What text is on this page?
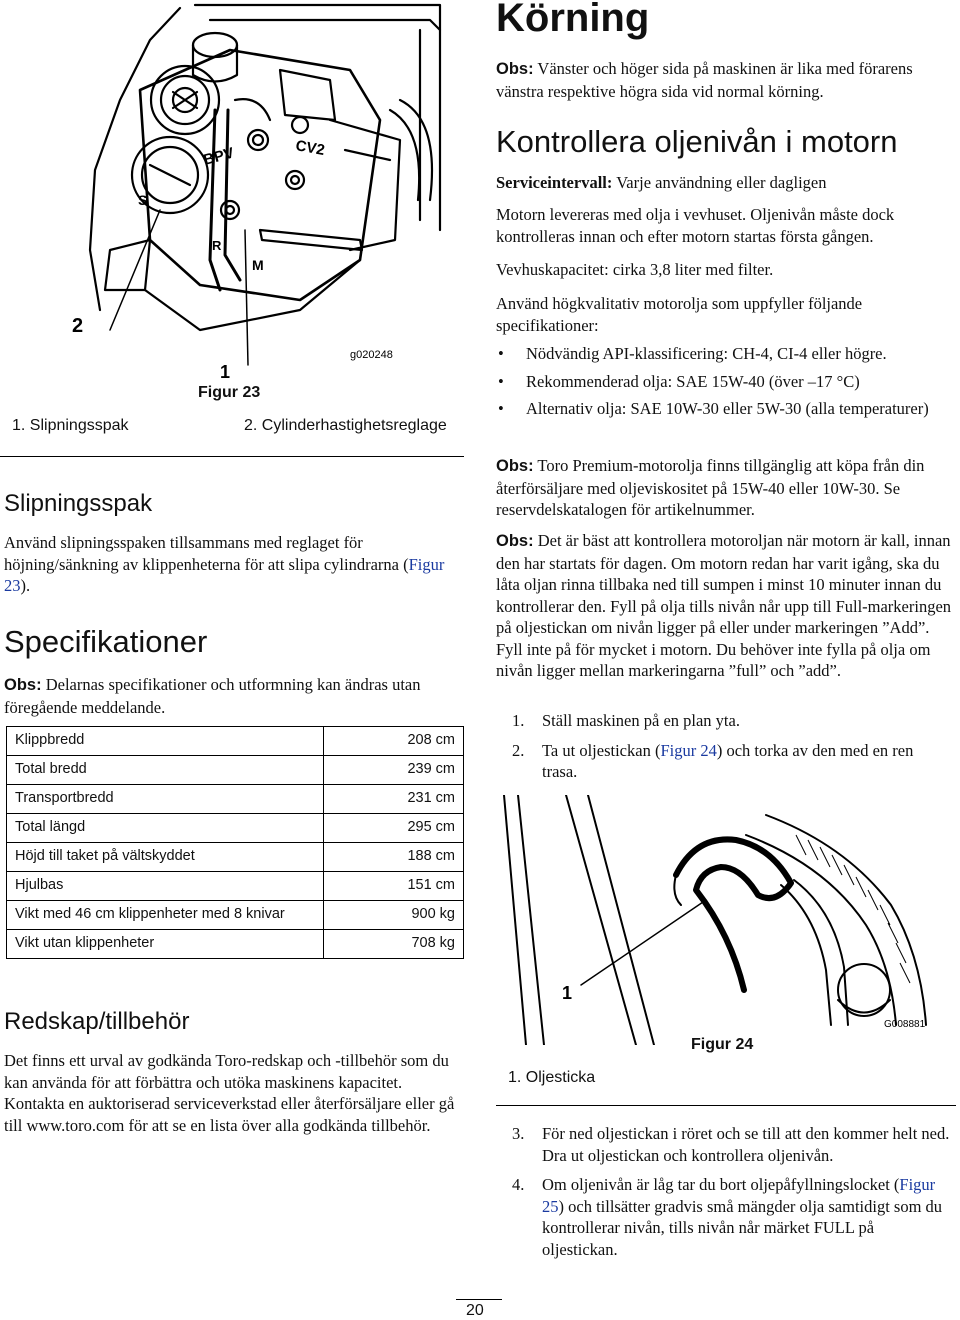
BPV	CV2
S
R
M
2
1
g020248
Figur 23
1. Slipningsspak	2. Cylinderhastighetsreglage
Slipningsspak
Använd slipningsspaken tillsammans med reglaget för höjning/sänkning av klippenheterna för att slipa cylindrarna (Figur 23).
Specifikationer
Obs: Delarnas specifikationer och utformning kan ändras utan föregående meddelande.
Klippbredd	208 cm
Total bredd	239 cm
Transportbredd	231 cm
Total längd	295 cm
Höjd till taket på vältskyddet	188 cm
Hjulbas	151 cm
Vikt med 46 cm klippenheter med 8 knivar	900 kg
Vikt utan klippenheter	708 kg
Redskap/tillbehör
Det finns ett urval av godkända Toro-redskap och -tillbehör som du kan använda för att förbättra och utöka maskinens kapacitet. Kontakta en auktoriserad serviceverkstad eller återförsäljare eller gå till www.toro.com för att se en lista över alla godkända tillbehör.
Körning
Obs: Vänster och höger sida på maskinen är lika med förarens vänstra respektive högra sida vid normal körning.
Kontrollera oljenivån i motorn
Serviceintervall: Varje användning eller dagligen
Motorn levereras med olja i vevhuset. Oljenivån måste dock kontrolleras innan och efter motorn startas första gången.
Vevhuskapacitet: cirka 3,8 liter med filter.
Använd högkvalitativ motorolja som uppfyller följande specifikationer:
• Nödvändig API-klassificering: CH-4, CI-4 eller högre.
• Rekommenderad olja: SAE 15W-40 (över –17 °C)
• Alternativ olja: SAE 10W-30 eller 5W-30 (alla temperaturer)
Obs: Toro Premium-motorolja finns tillgänglig att köpa från din återförsäljare med oljeviskositet på 15W-40 eller 10W-30. Se reservdelskatalogen för artikelnummer.
Obs: Det är bäst att kontrollera motoroljan när motorn är kall, innan den har startats för dagen. Om motorn redan har varit igång, ska du låta oljan rinna tillbaka ned till sumpen i minst 10 minuter innan du kontrollerar den. Fyll på olja tills nivån når upp till Full-markeringen på oljestickan om nivån ligger på eller under markeringen ”Add”. Fyll inte på för mycket i motorn. Du behöver inte fylla på olja om nivån ligger mellan markeringarna ”full” och ”add”.
1. Ställ maskinen på en plan yta.
2. Ta ut oljestickan (Figur 24) och torka av den med en ren trasa.
1
G008881
Figur 24
1. Oljesticka
3. För ned oljestickan i röret och se till att den kommer helt ned. Dra ut oljestickan och kontrollera oljenivån.
4. Om oljenivån är låg tar du bort oljepåfyllningslocket (Figur 25) och tillsätter gradvis små mängder olja samtidigt som du kontrollerar nivån, tills nivån når märket FULL på oljestickan.
20
